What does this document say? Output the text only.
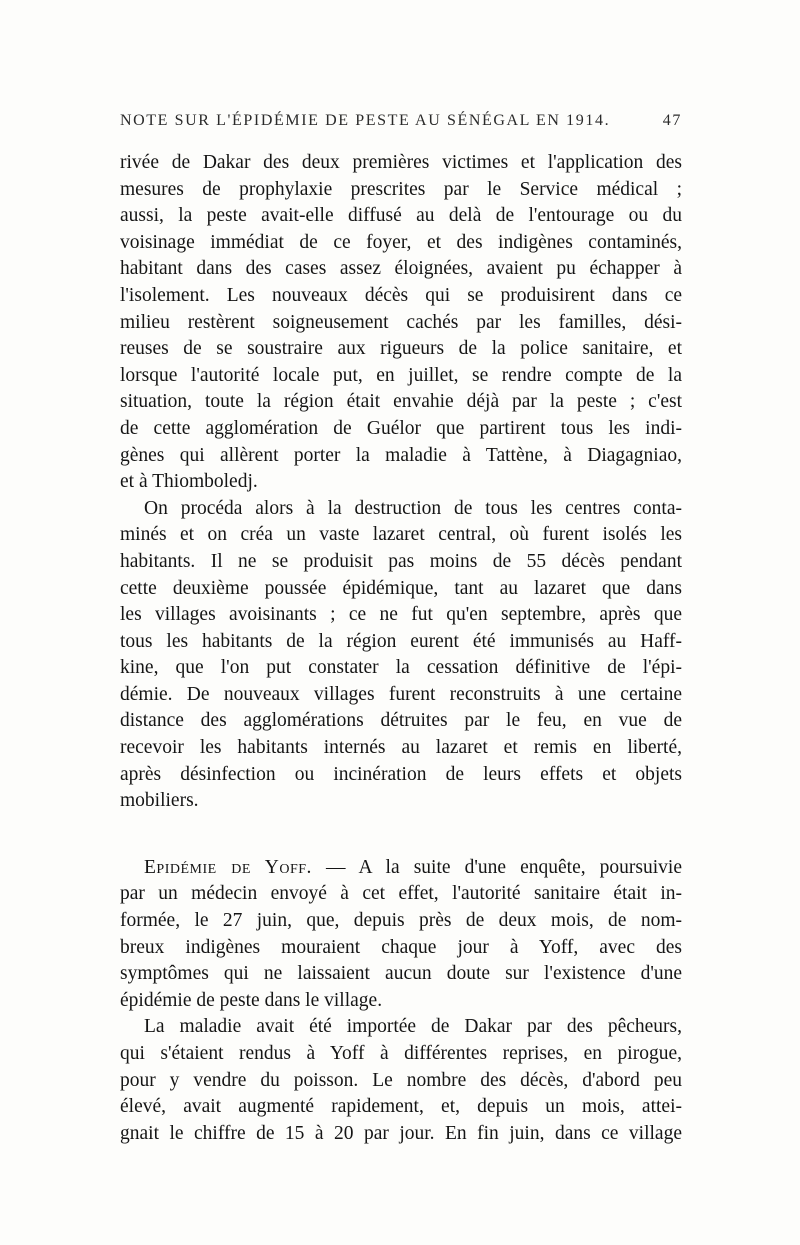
NOTE SUR L'ÉPIDÉMIE DE PESTE AU SÉNÉGAL EN 1914.	47
rivée de Dakar des deux premières victimes et l'application des
mesures de prophylaxie prescrites par le Service médical ;
aussi, la peste avait-elle diffusé au delà de l'entourage ou du
voisinage immédiat de ce foyer, et des indigènes contaminés,
habitant dans des cases assez éloignées, avaient pu échapper à
l'isolement. Les nouveaux décès qui se produisirent dans ce
milieu restèrent soigneusement cachés par les familles, dési-
reuses de se soustraire aux rigueurs de la police sanitaire, et
lorsque l'autorité locale put, en juillet, se rendre compte de la
situation, toute la région était envahie déjà par la peste ; c'est
de cette agglomération de Guélor que partirent tous les indi-
gènes qui allèrent porter la maladie à Tattène, à Diagagniao,
et à Thiomboledj.
On procéda alors à la destruction de tous les centres conta-
minés et on créa un vaste lazaret central, où furent isolés les
habitants. Il ne se produisit pas moins de 55 décès pendant
cette deuxième poussée épidémique, tant au lazaret que dans
les villages avoisinants ; ce ne fut qu'en septembre, après que
tous les habitants de la région eurent été immunisés au Haff-
kine, que l'on put constater la cessation définitive de l'épi-
démie. De nouveaux villages furent reconstruits à une certaine
distance des agglomérations détruites par le feu, en vue de
recevoir les habitants internés au lazaret et remis en liberté,
après désinfection ou incinération de leurs effets et objets
mobiliers.
Epidémie de Yoff. — A la suite d'une enquête, poursuivie
par un médecin envoyé à cet effet, l'autorité sanitaire était in-
formée, le 27 juin, que, depuis près de deux mois, de nom-
breux indigènes mouraient chaque jour à Yoff, avec des
symptômes qui ne laissaient aucun doute sur l'existence d'une
épidémie de peste dans le village.
La maladie avait été importée de Dakar par des pêcheurs,
qui s'étaient rendus à Yoff à différentes reprises, en pirogue,
pour y vendre du poisson. Le nombre des décès, d'abord peu
élevé, avait augmenté rapidement, et, depuis un mois, attei-
gnait le chiffre de 15 à 20 par jour. En fin juin, dans ce village
